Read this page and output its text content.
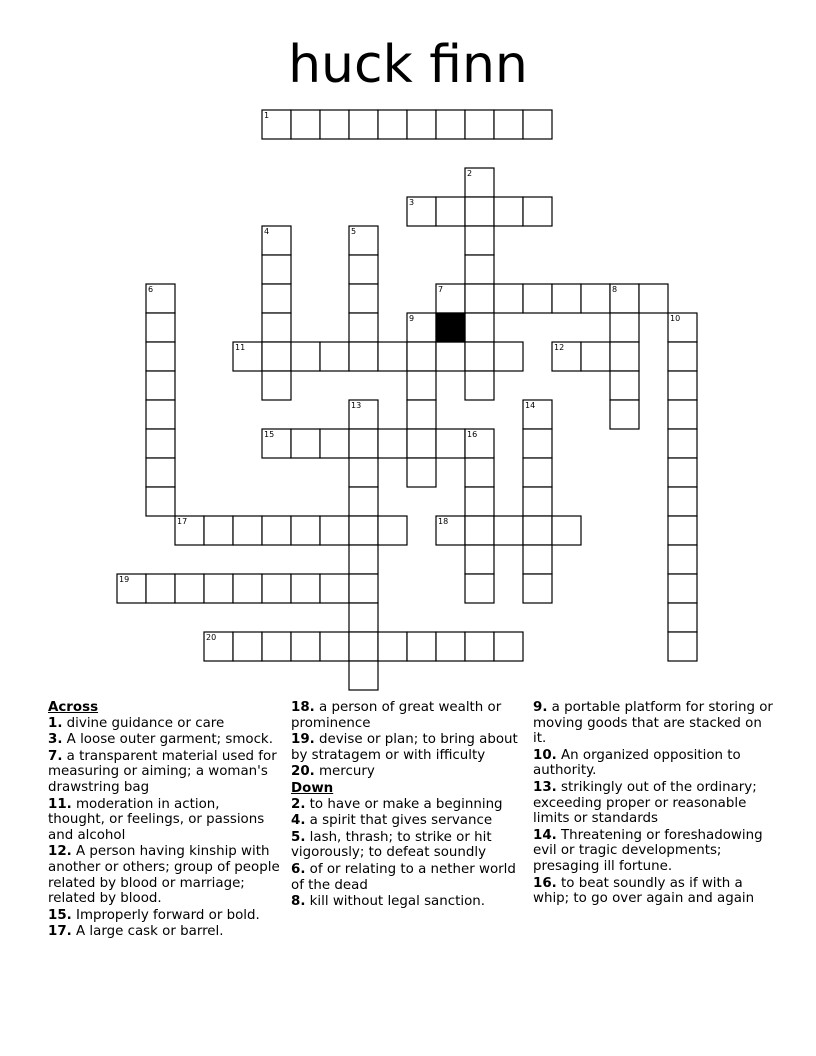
huck finn
1
2
3
4	5
6	7	8
9	10
11	12
13	14
15	16
17	18
19
20
Across
1. divine guidance or care
3. A loose outer garment; smock.
7. a transparent material used for measuring or aiming; a woman's drawstring bag
11. moderation in action, thought, or feelings, or passions and alcohol
12. A person having kinship with another or others; group of people related by blood or marriage; related by blood.
15. Improperly forward or bold.
17. A large cask or barrel.
18. a person of great wealth or prominence
19. devise or plan; to bring about by stratagem or with ifficulty
20. mercury
Down
2. to have or make a beginning
4. a spirit that gives servance
5. lash, thrash; to strike or hit vigorously; to defeat soundly
6. of or relating to a nether world of the dead
8. kill without legal sanction.
9. a portable platform for storing or moving goods that are stacked on it.
10. An organized opposition to authority.
13. strikingly out of the ordinary; exceeding proper or reasonable limits or standards
14. Threatening or foreshadowing evil or tragic developments; presaging ill fortune.
16. to beat soundly as if with a whip; to go over again and again
